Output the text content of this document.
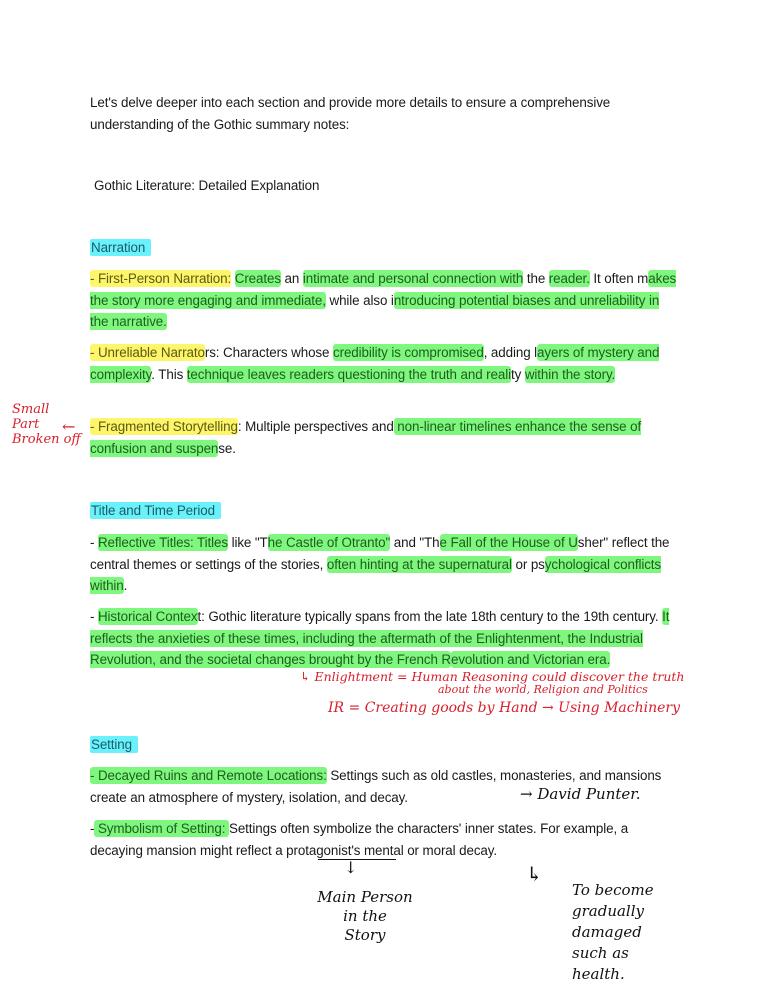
Let's delve deeper into each section and provide more details to ensure a comprehensive understanding of the Gothic summary notes:
Gothic Literature: Detailed Explanation
Narration
- First-Person Narration: Creates an intimate and personal connection with the reader. It often makes the story more engaging and immediate, while also introducing potential biases and unreliability in the narrative.
- Unreliable Narrators: Characters whose credibility is compromised, adding layers of mystery and complexity. This technique leaves readers questioning the truth and reality within the story.
- Fragmented Storytelling: Multiple perspectives and non-linear timelines enhance the sense of confusion and suspense.
Title and Time Period
- Reflective Titles: Titles like "The Castle of Otranto" and "The Fall of the House of Usher" reflect the central themes or settings of the stories, often hinting at the supernatural or psychological conflicts within.
- Historical Context: Gothic literature typically spans from the late 18th century to the 19th century. It reflects the anxieties of these times, including the aftermath of the Enlightenment, the Industrial Revolution, and the societal changes brought by the French Revolution and Victorian era.
Setting
- Decayed Ruins and Remote Locations: Settings such as old castles, monasteries, and mansions create an atmosphere of mystery, isolation, and decay.
- Symbolism of Setting: Settings often symbolize the characters' inner states. For example, a decaying mansion might reflect a protagonist's mental or moral decay.
Small
Part
Broken off
←
↳ Enlightment = Human Reasoning could discover the truth
about the world, Religion and Politics
IR = Creating goods by Hand → Using Machinery
→ David Punter.
↓
Main Person
in the
Story
↳
To become
gradually
damaged
such as
health.
